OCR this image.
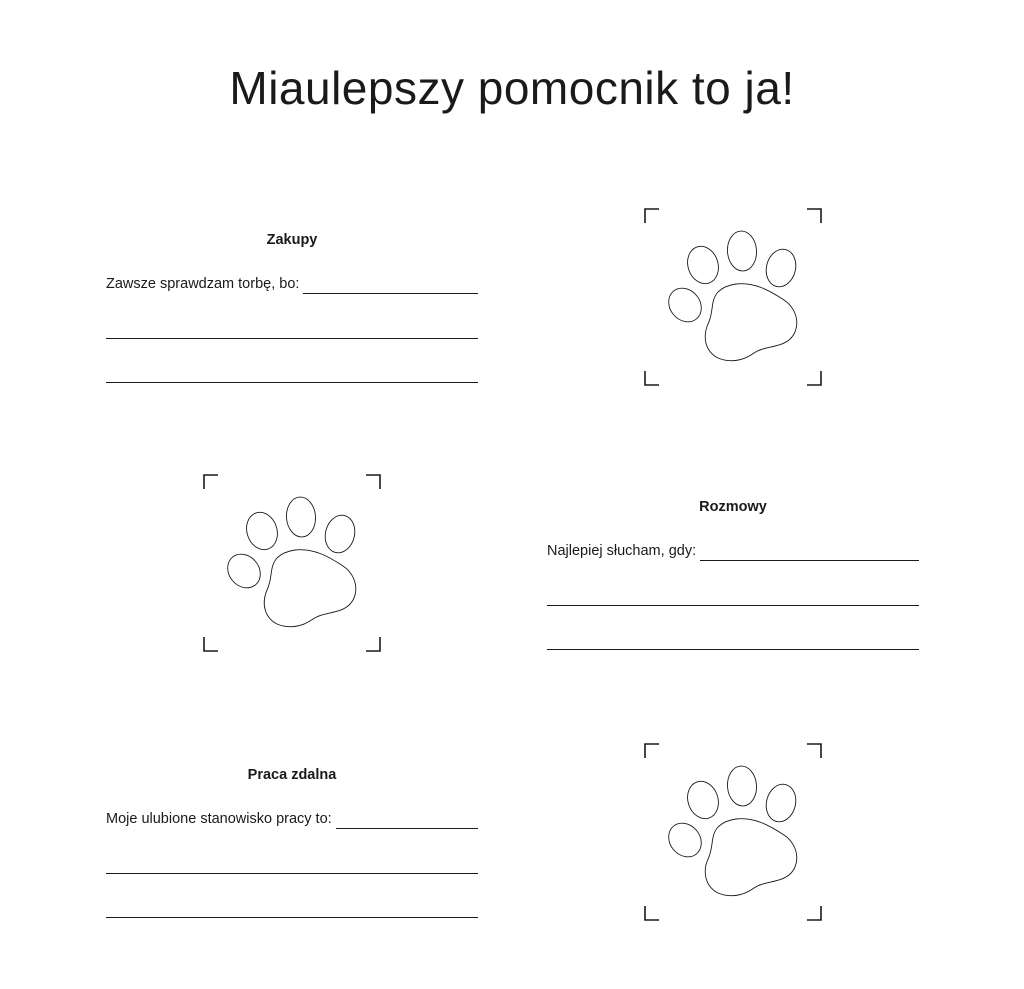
Miaulepszy pomocnik to ja!
Zakupy
Zawsze sprawdzam torbę, bo:
Rozmowy
Najlepiej słucham, gdy:
Praca zdalna
Moje ulubione stanowisko pracy to:
